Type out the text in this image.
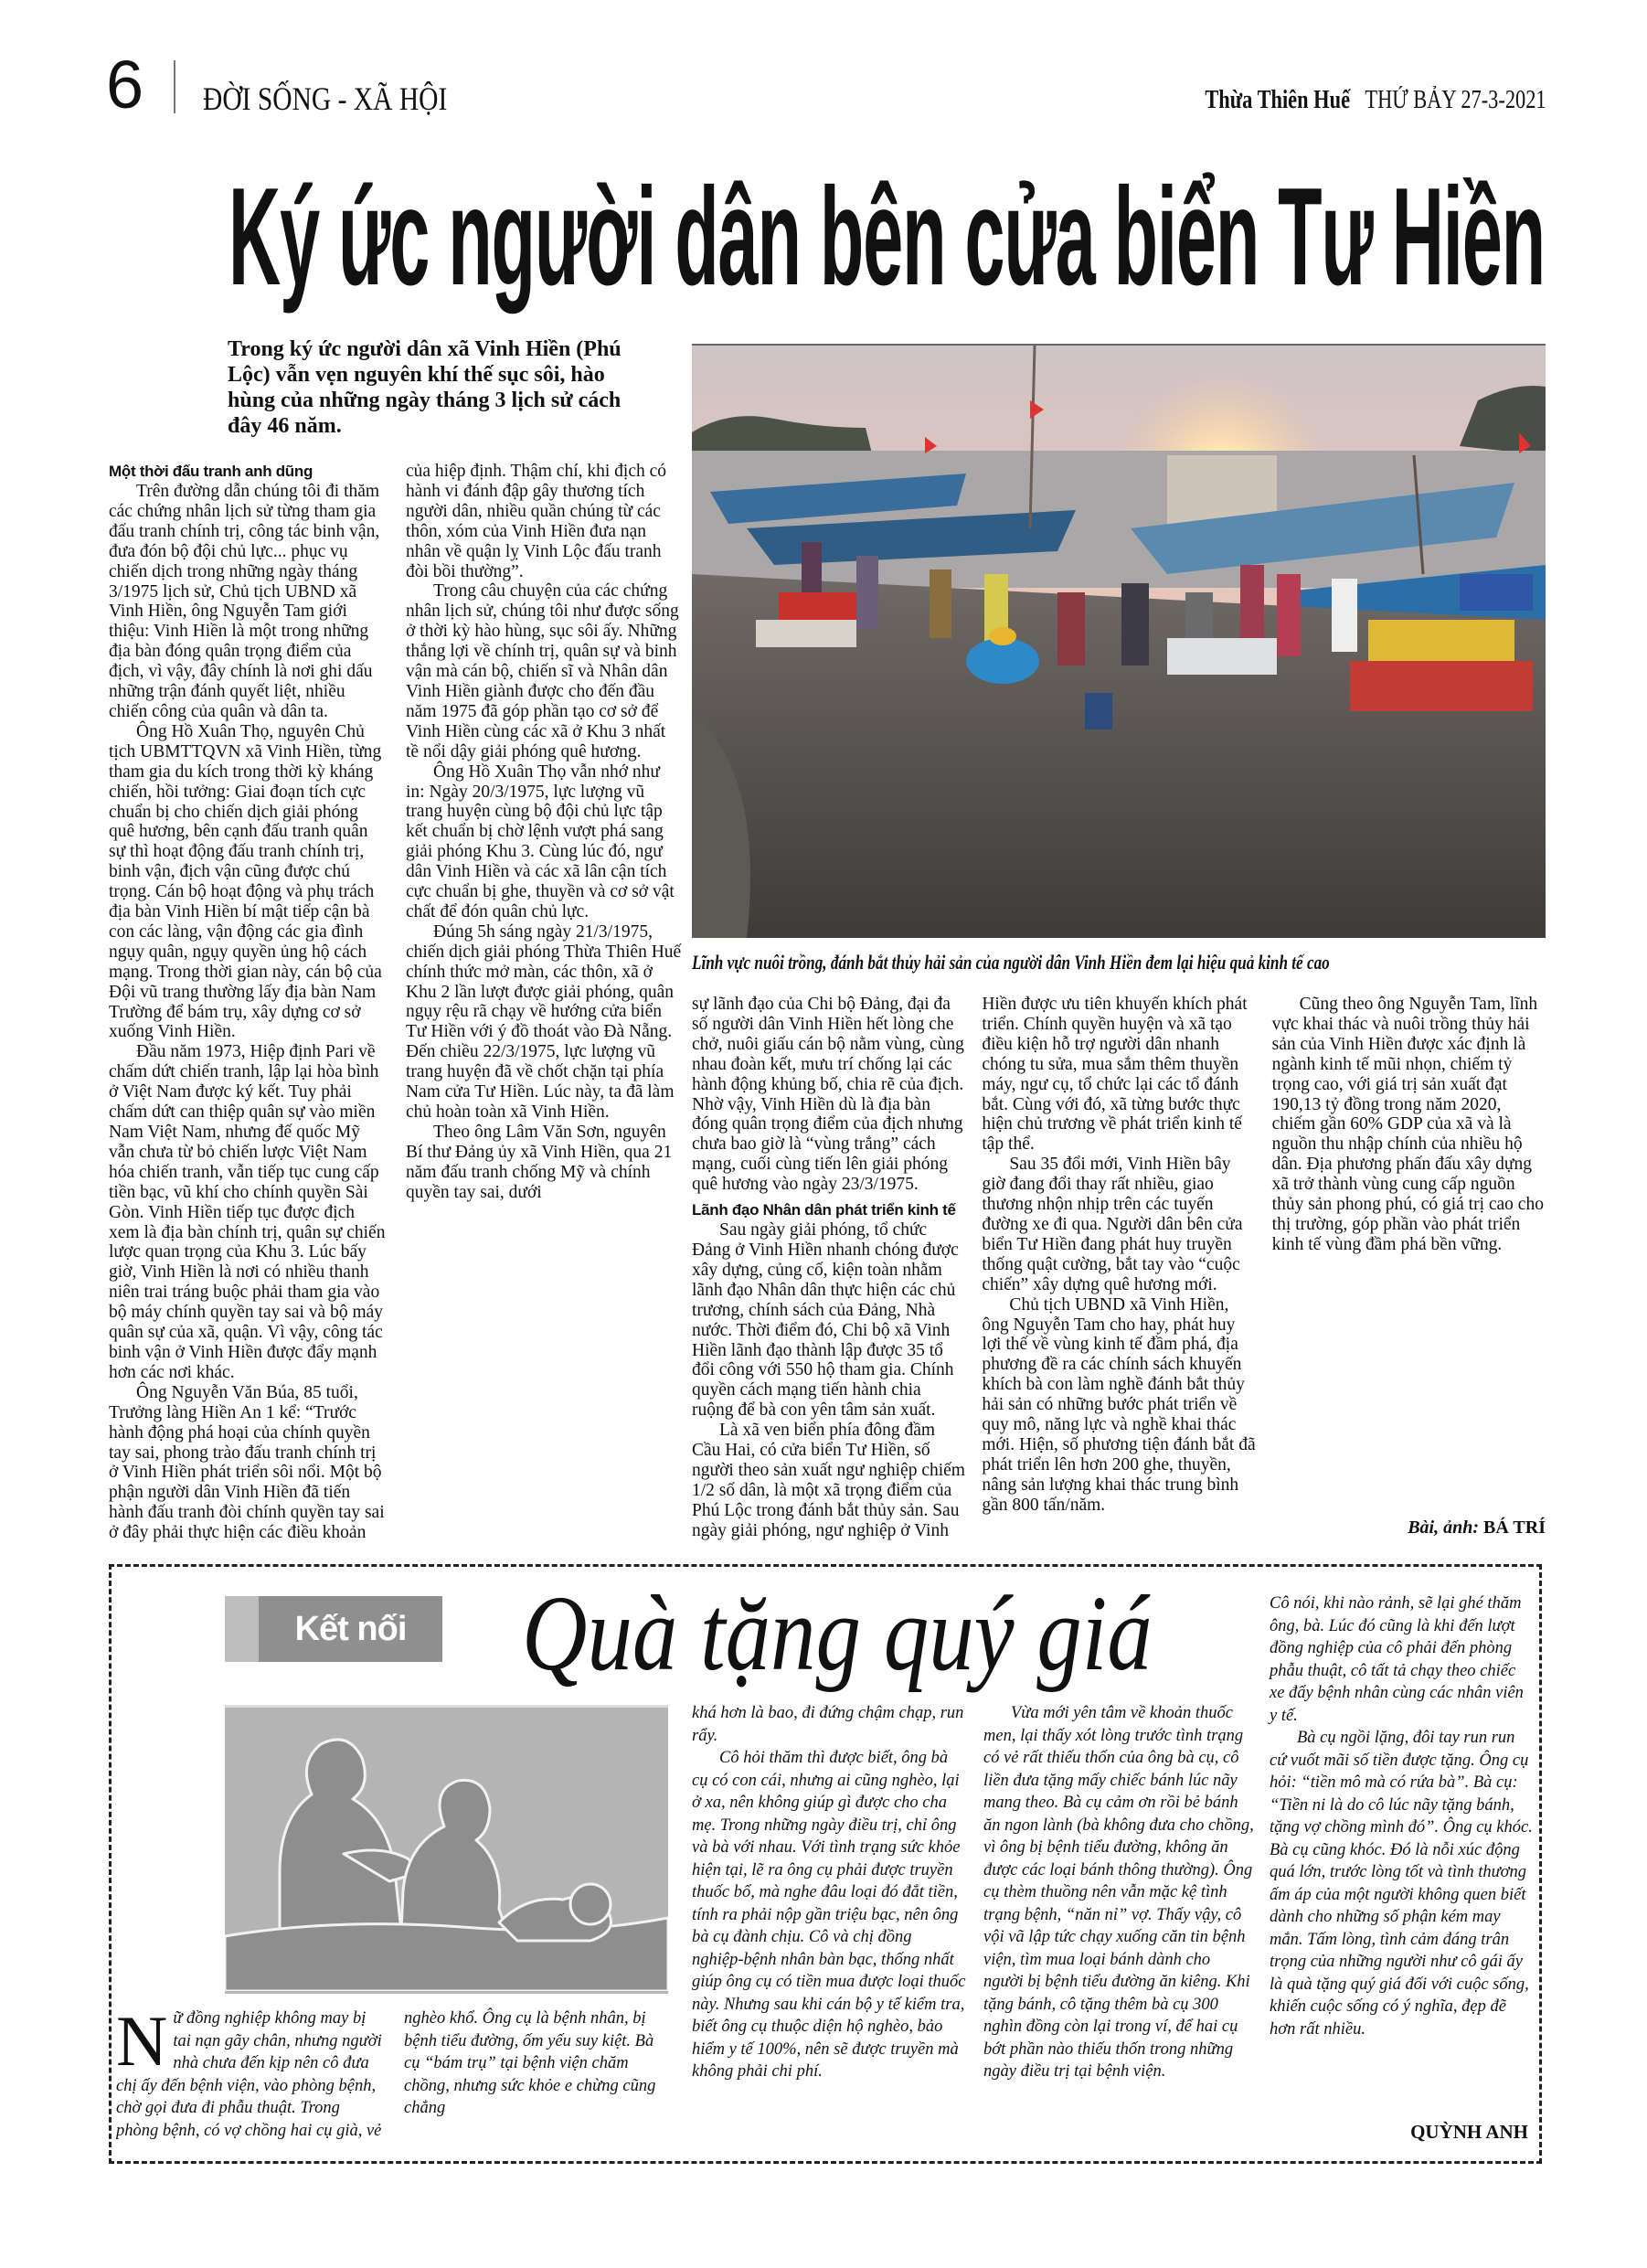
6 ĐỜI SỐNG - XÃ HỘI	Thừa Thiên Huế THỨ BẢY 27-3-2021
Ký ức người dân bên cửa biển Tư Hiền
Trong ký ức người dân xã Vinh Hiền (Phú Lộc) vẫn vẹn nguyên khí thế sục sôi, hào hùng của những ngày tháng 3 lịch sử cách đây 46 năm.
Lĩnh vực nuôi trồng, đánh bắt thủy hải sản của người dân Vinh Hiền đem lại hiệu quả kinh tế cao
Một thời đấu tranh anh dũng

Trên đường dẫn chúng tôi đi thăm các chứng nhân lịch sử từng tham gia đấu tranh chính trị, công tác binh vận, đưa đón bộ đội chủ lực... phục vụ chiến dịch trong những ngày tháng 3/1975 lịch sử, Chủ tịch UBND xã Vinh Hiền, ông Nguyễn Tam giới thiệu: Vinh Hiền là một trong những địa bàn đóng quân trọng điểm của địch, vì vậy, đây chính là nơi ghi dấu những trận đánh quyết liệt, nhiều chiến công của quân và dân ta.

Ông Hồ Xuân Thọ, nguyên Chủ tịch UBMTTQVN xã Vinh Hiền, từng tham gia du kích trong thời kỳ kháng chiến, hồi tưởng: Giai đoạn tích cực chuẩn bị cho chiến dịch giải phóng quê hương, bên cạnh đấu tranh quân sự thì hoạt động đấu tranh chính trị, binh vận, địch vận cũng được chú trọng. Cán bộ hoạt động và phụ trách địa bàn Vinh Hiền bí mật tiếp cận bà con các làng, vận động các gia đình ngụy quân, ngụy quyền ủng hộ cách mạng. Trong thời gian này, cán bộ của Đội vũ trang thường lấy địa bàn Nam Trường để bám trụ, xây dựng cơ sở xuống Vinh Hiền.

Đầu năm 1973, Hiệp định Pari về chấm dứt chiến tranh, lập lại hòa bình ở Việt Nam được ký kết. Tuy phải chấm dứt can thiệp quân sự vào miền Nam Việt Nam, nhưng đế quốc Mỹ vẫn chưa từ bỏ chiến lược Việt Nam hóa chiến tranh, vẫn tiếp tục cung cấp tiền bạc, vũ khí cho chính quyền Sài Gòn. Vinh Hiền tiếp tục được địch xem là địa bàn chính trị, quân sự chiến lược quan trọng của Khu 3. Lúc bấy giờ, Vinh Hiền là nơi có nhiều thanh niên trai tráng buộc phải tham gia vào bộ máy chính quyền tay sai và bộ máy quân sự của xã, quận. Vì vậy, công tác binh vận ở Vinh Hiền được đẩy mạnh hơn các nơi khác.

Ông Nguyễn Văn Búa, 85 tuổi, Trưởng làng Hiền An 1 kể: “Trước hành động phá hoại của chính quyền tay sai, phong trào đấu tranh chính trị ở Vinh Hiền phát triển sôi nổi. Một bộ phận người dân Vinh Hiền đã tiến hành đấu tranh đòi chính quyền tay sai ở đây phải thực hiện các điều khoản của hiệp định. Thậm chí, khi địch có hành vi đánh đập gây thương tích người dân, nhiều quần chúng từ các thôn, xóm của Vinh Hiền đưa nạn nhân về quận lỵ Vinh Lộc đấu tranh đòi bồi thường”.

Trong câu chuyện của các chứng nhân lịch sử, chúng tôi như được sống ở thời kỳ hào hùng, sục sôi ấy. Những thắng lợi về chính trị, quân sự và binh vận mà cán bộ, chiến sĩ và Nhân dân Vinh Hiền giành được cho đến đầu năm 1975 đã góp phần tạo cơ sở để Vinh Hiền cùng các xã ở Khu 3 nhất tề nổi dậy giải phóng quê hương.

Ông Hồ Xuân Thọ vẫn nhớ như in: Ngày 20/3/1975, lực lượng vũ trang huyện cùng bộ đội chủ lực tập kết chuẩn bị chờ lệnh vượt phá sang giải phóng Khu 3. Cùng lúc đó, ngư dân Vinh Hiền và các xã lân cận tích cực chuẩn bị ghe, thuyền và cơ sở vật chất để đón quân chủ lực.

Đúng 5h sáng ngày 21/3/1975, chiến dịch giải phóng Thừa Thiên Huế chính thức mở màn, các thôn, xã ở Khu 2 lần lượt được giải phóng, quân ngụy rệu rã chạy về hướng cửa biển Tư Hiền với ý đồ thoát vào Đà Nẵng. Đến chiều 22/3/1975, lực lượng vũ trang huyện đã về chốt chặn tại phía Nam cửa Tư Hiền. Lúc này, ta đã làm chủ hoàn toàn xã Vinh Hiền.

Theo ông Lâm Văn Sơn, nguyên Bí thư Đảng ủy xã Vinh Hiền, qua 21 năm đấu tranh chống Mỹ và chính quyền tay sai, dưới

sự lãnh đạo của Chi bộ Đảng, đại đa số người dân Vinh Hiền hết lòng che chở, nuôi giấu cán bộ nằm vùng, cùng nhau đoàn kết, mưu trí chống lại các hành động khủng bố, chia rẽ của địch. Nhờ vậy, Vinh Hiền dù là địa bàn đóng quân trọng điểm của địch nhưng chưa bao giờ là “vùng trắng” cách mạng, cuối cùng tiến lên giải phóng quê hương vào ngày 23/3/1975.

Lãnh đạo Nhân dân phát triển kinh tế

Sau ngày giải phóng, tổ chức Đảng ở Vinh Hiền nhanh chóng được xây dựng, củng cố, kiện toàn nhằm lãnh đạo Nhân dân thực hiện các chủ trương, chính sách của Đảng, Nhà nước. Thời điểm đó, Chi bộ xã Vinh Hiền lãnh đạo thành lập được 35 tổ đổi công với 550 hộ tham gia. Chính quyền cách mạng tiến hành chia ruộng để bà con yên tâm sản xuất.

Là xã ven biển phía đông đầm Cầu Hai, có cửa biển Tư Hiền, số người theo sản xuất ngư nghiệp chiếm 1/2 số dân, là một xã trọng điểm của Phú Lộc trong đánh bắt thủy sản. Sau ngày giải phóng, ngư nghiệp ở Vinh Hiền được ưu tiên khuyến khích phát triển. Chính quyền huyện và xã tạo điều kiện hỗ trợ người dân nhanh chóng tu sửa, mua sắm thêm thuyền máy, ngư cụ, tổ chức lại các tổ đánh bắt. Cùng với đó, xã từng bước thực hiện chủ trương về phát triển kinh tế tập thể.

Sau 35 đổi mới, Vinh Hiền bây giờ đang đổi thay rất nhiều, giao thương nhộn nhịp trên các tuyến đường xe đi qua. Người dân bên cửa biển Tư Hiền đang phát huy truyền thống quật cường, bắt tay vào “cuộc chiến” xây dựng quê hương mới.

Chủ tịch UBND xã Vinh Hiền, ông Nguyễn Tam cho hay, phát huy lợi thế về vùng kinh tế đầm phá, địa phương đề ra các chính sách khuyến khích bà con làm nghề đánh bắt thủy hải sản có những bước phát triển về quy mô, năng lực và nghề khai thác mới. Hiện, số phương tiện đánh bắt đã phát triển lên hơn 200 ghe, thuyền, nâng sản lượng khai thác trung bình gần 800 tấn/năm.

Cũng theo ông Nguyễn Tam, lĩnh vực khai thác và nuôi trồng thủy hải sản của Vinh Hiền được xác định là ngành kinh tế mũi nhọn, chiếm tỷ trọng cao, với giá trị sản xuất đạt 190,13 tỷ đồng trong năm 2020, chiếm gần 60% GDP của xã và là nguồn thu nhập chính của nhiều hộ dân. Địa phương phấn đấu xây dựng xã trở thành vùng cung cấp nguồn thủy sản phong phú, có giá trị cao cho thị trường, góp phần vào phát triển kinh tế vùng đầm phá bền vững.

Bài, ảnh: BÁ TRÍ
Kết nối	Quà tặng quý giá
N ữ đồng nghiệp không may bị tai nạn gãy chân, nhưng người nhà chưa đến kịp nên cô đưa chị ấy đến bệnh viện, vào phòng bệnh, chờ gọi đưa đi phẫu thuật. Trong phòng bệnh, có vợ chồng hai cụ già, vẻ nghèo khổ. Ông cụ là bệnh nhân, bị bệnh tiểu đường, ốm yếu suy kiệt. Bà cụ “bám trụ” tại bệnh viện chăm chồng, nhưng sức khỏe e chừng cũng chẳng

khá hơn là bao, đi đứng chậm chạp, run rẩy.

Cô hỏi thăm thì được biết, ông bà cụ có con cái, nhưng ai cũng nghèo, lại ở xa, nên không giúp gì được cho cha mẹ. Trong những ngày điều trị, chỉ ông và bà với nhau. Với tình trạng sức khỏe hiện tại, lẽ ra ông cụ phải được truyền thuốc bổ, mà nghe đâu loại đó đắt tiền, tính ra phải nộp gần triệu bạc, nên ông bà cụ đành chịu. Cô và chị đồng nghiệp-bệnh nhân bàn bạc, thống nhất giúp ông cụ có tiền mua được loại thuốc này. Nhưng sau khi cán bộ y tế kiểm tra, biết ông cụ thuộc diện hộ nghèo, bảo hiểm y tế 100%, nên sẽ được truyền mà không phải chi phí.

Vừa mới yên tâm về khoản thuốc men, lại thấy xót lòng trước tình trạng có vẻ rất thiếu thốn của ông bà cụ, cô liền đưa tặng mấy chiếc bánh lúc nãy mang theo. Bà cụ cảm ơn rồi bẻ bánh ăn ngon lành (bà không đưa cho chồng, vì ông bị bệnh tiểu đường, không ăn được các loại bánh thông thường). Ông cụ thèm thuồng nên vẫn mặc kệ tình trạng bệnh, “năn nỉ” vợ. Thấy vậy, cô vội vã lập tức chạy xuống căn tin bệnh viện, tìm mua loại bánh dành cho người bị bệnh tiểu đường ăn kiêng. Khi tặng bánh, cô tặng thêm bà cụ 300 nghìn đồng còn lại trong ví, để hai cụ bớt phần nào thiếu thốn trong những ngày điều trị tại bệnh viện.

Cô nói, khi nào rảnh, sẽ lại ghé thăm ông, bà. Lúc đó cũng là khi đến lượt đồng nghiệp của cô phải đến phòng phẫu thuật, cô tất tả chạy theo chiếc xe đẩy bệnh nhân cùng các nhân viên y tế.

Bà cụ ngồi lặng, đôi tay run run cứ vuốt mãi số tiền được tặng. Ông cụ hỏi: “tiền mô mà có rứa bà”. Bà cụ: “Tiền ni là do cô lúc nãy tặng bánh, tặng vợ chồng mình đó”. Ông cụ khóc. Bà cụ cũng khóc. Đó là nỗi xúc động quá lớn, trước lòng tốt và tình thương ấm áp của một người không quen biết dành cho những số phận kém may mắn. Tấm lòng, tình cảm đáng trân trọng của những người như cô gái ấy là quà tặng quý giá đối với cuộc sống, khiến cuộc sống có ý nghĩa, đẹp đẽ hơn rất nhiều.

QUỲNH ANH
